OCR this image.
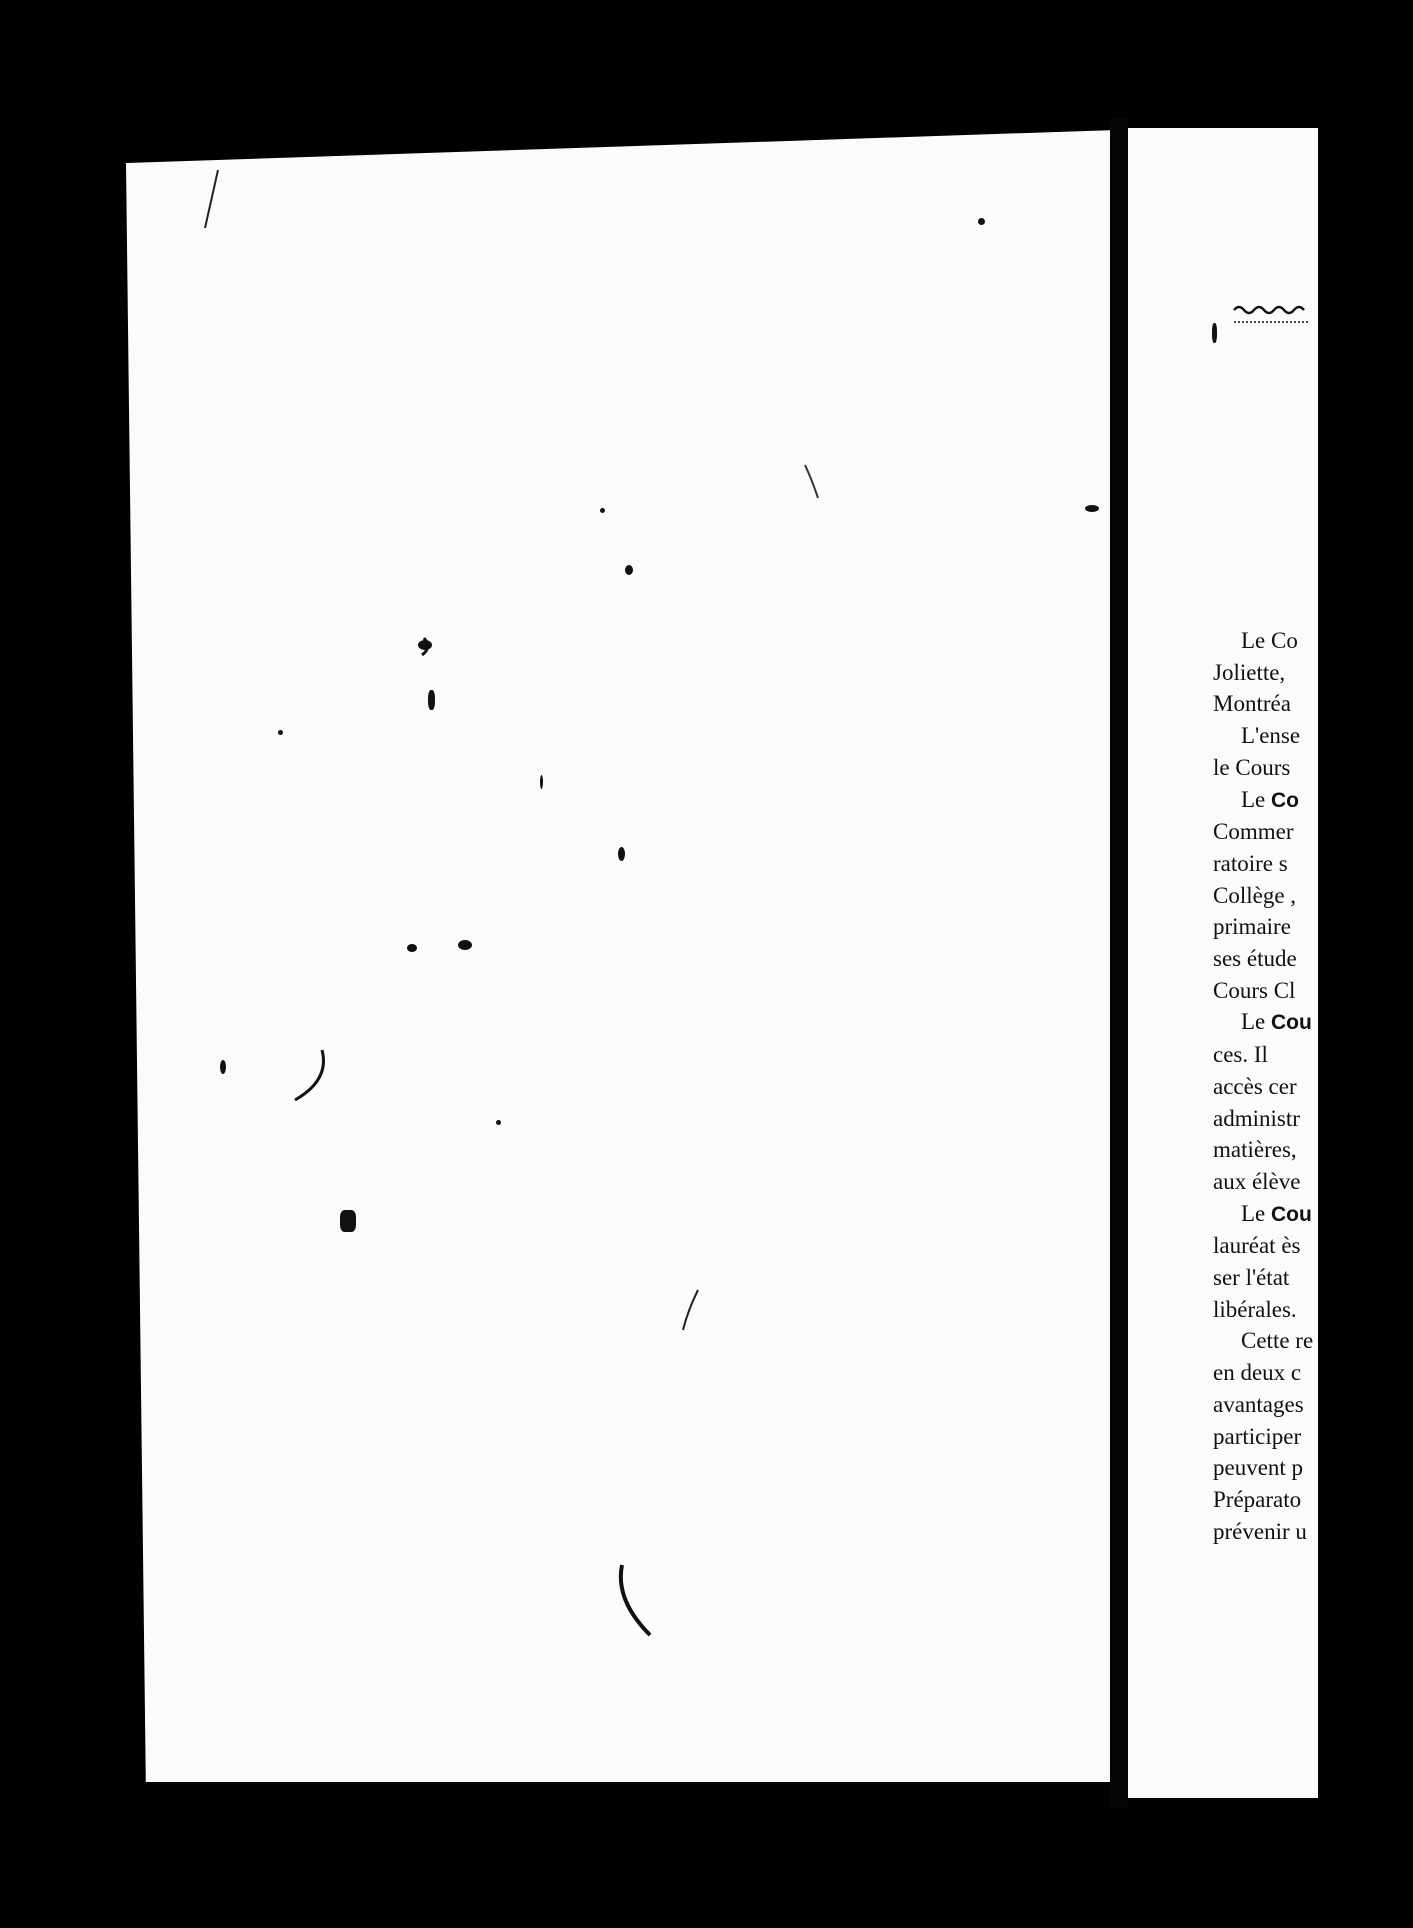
Le Co
Joliette,
Montréa
L'ense
le Cours
Le Co
Commer
ratoire s
Collège ,
primaire
ses étude
Cours Cl
Le Cou
ces. Il
accès cer
administr
matières,
aux élève
Le Cou
lauréat ès
ser l'état
libérales.
Cette re
en deux c
avantages
participer
peuvent p
Préparato
prévenir u
